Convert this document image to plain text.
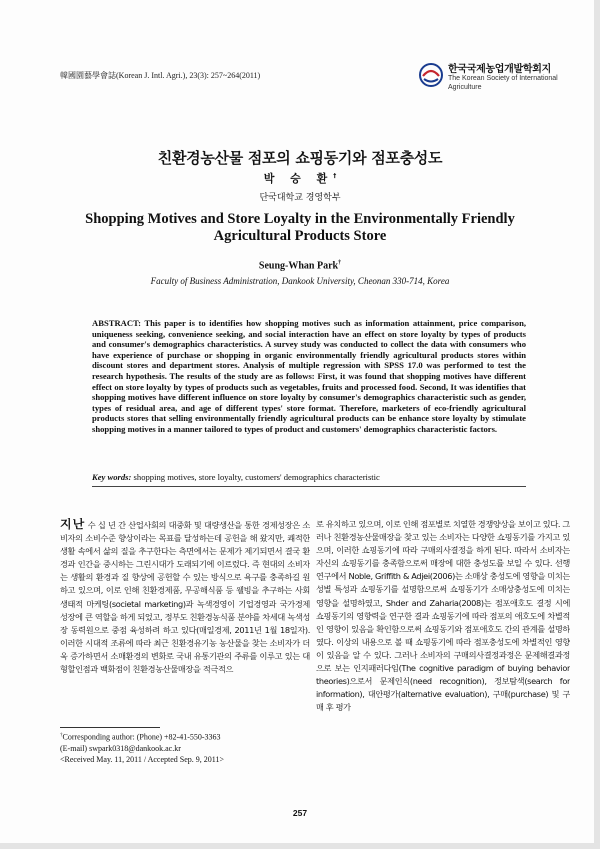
韓國園藝學會誌(Korean J. Intl. Agri.), 23(3): 257~264(2011)
한국국제농업개발학회지
The Korean Society of International
Agriculture
친환경농산물 점포의 쇼핑동기와 점포충성도
박 승 환†
단국대학교 경영학부
Shopping Motives and Store Loyalty in the Environmentally Friendly Agricultural Products Store
Seung-Whan Park†
Faculty of Business Administration, Dankook University, Cheonan 330-714, Korea
ABSTRACT: This paper is to identifies how shopping motives such as information attainment, price comparison, uniqueness seeking, convenience seeking, and social interaction have an effect on store loyalty by types of products and consumer's demographics characteristics. A survey study was conducted to collect the data with consumers who have experience of purchase or shopping in organic environmentally friendly agricultural products stores within discount stores and department stores. Analysis of multiple regression with SPSS 17.0 was performed to test the research hypothesis. The results of the study are as follows: First, it was found that shopping motives have different effect on store loyalty by types of products such as vegetables, fruits and processed food. Second, It was identifies that shopping motives have different influence on store loyalty by consumer's demographics characteristic such as gender, types of residual area, and age of different types' store format. Therefore, marketers of eco-friendly agricultural products stores that selling environmentally friendly agricultural products can be enhance store loyalty by stimulate shopping motives in a manner tailored to types of product and customers' demographics characteristic factors.
Key words: shopping motives, store loyalty, customers' demographics characteristic
지난 수 십 년 간 산업사회의 대중화 및 대량생산을 통한 경제성장은 소비자의 소비수준 향상이라는 목표를 달성하는데 공헌을 해 왔지만, 쾌적한 생활 속에서 삶의 질을 추구한다는 측면에서는 문제가 제기되면서 결국 환경과 인간을 중시하는 그린시대가 도래되기에 이르렀다. 즉 현대의 소비자는 생활의 환경과 질 향상에 공헌할 수 있는 방식으로 욕구를 충족하길 원하고 있으며, 이로 인해 친환경제품, 무공해식품 등 웰빙을 추구하는 사회생태적 마케팅(societal marketing)과 녹색경영이 기업경영과 국가경제성장에 큰 역할을 하게 되었고, 정부도 친환경농식품 분야를 차세대 녹색성장 동력원으로 중점 육성하려 하고 있다(매일경제, 2011년 1월 18일자). 이러한 시대적 조류에 따라 최근 친환경유기농 농산물을 찾는 소비자가 더욱 증가하면서 소매환경의 변화로 국내 유통기관의 주류를 이루고 있는 대형할인점과 백화점이 친환경농산물매장을 적극적으
로 유치하고 있으며, 이로 인해 점포별로 치열한 경쟁양상을 보이고 있다. 그러나 친환경농산물매장을 찾고 있는 소비자는 다양한 쇼핑동기를 가지고 있으며, 이러한 쇼핑동기에 따라 구매의사결정을 하게 된다. 따라서 소비자는 자신의 쇼핑동기를 충족함으로써 매장에 대한 충성도를 보일 수 있다. 선행연구에서 Noble, Griffith & Adjei(2006)는 소매상 충성도에 영향을 미치는 성별 특성과 쇼핑동기를 설명함으로써 쇼핑동기가 소매상충성도에 미치는 영향을 설명하였고, Shder and Zaharia(2008)는 점포애호도 결정 시에 쇼핑동기의 영향력을 연구한 결과 쇼핑동기에 따라 점포의 애호도에 차별적인 영향이 있음을 확인함으로써 쇼핑동기와 점포애호도 간의 관계를 설명하였다. 이상의 내용으로 볼 때 쇼핑동기에 따라 점포충성도에 차별적인 영향이 있음을 알 수 있다. 그러나 소비자의 구매의사결정과정은 문제해결과정으로 보는 인지패러다임(The cognitive paradigm of buying behavior theories)으로서 문제인식(need recognition), 정보탐색(search for information), 대안평가(alternative evaluation), 구매(purchase) 및 구매 후 평가
†Corresponding author: (Phone) +82-41-550-3363
(E-mail) swpark0318@dankook.ac.kr
<Received May. 11, 2011 / Accepted Sep. 9, 2011>
257
